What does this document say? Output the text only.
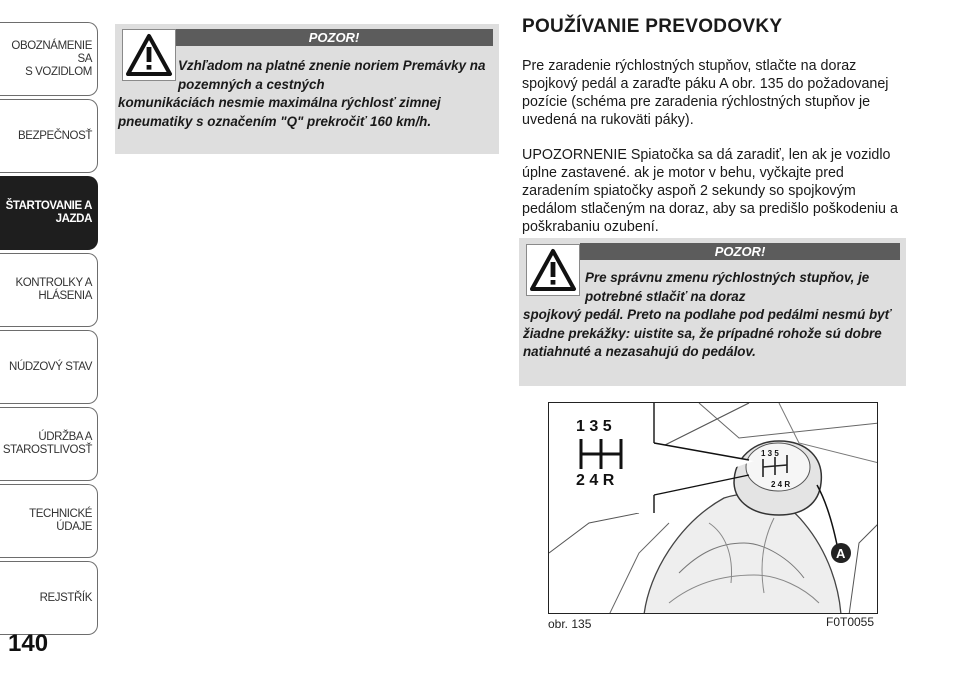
OBOZNÁMENIE SA
S VOZIDLOM
BEZPEČNOSŤ
ŠTARTOVANIE A
JAZDA
KONTROLKY A
HLÁSENIA
NÚDZOVÝ STAV
ÚDRŽBA A
STAROSTLIVOSŤ
TECHNICKÉ ÚDAJE
REJSTŘÍK
140
POZOR!
Vzhľadom na platné znenie noriem Premávky na pozemných a cestných
komunikáciách nesmie maximálna rýchlosť zimnej pneumatiky s označením "Q" prekročiť 160 km/h.
POUŽÍVANIE PREVODOVKY
Pre zaradenie rýchlostných stupňov, stlačte na doraz spojkový pedál a zaraďte páku A obr. 135 do požadovanej pozície (schéma pre zaradenia rýchlostných stupňov je uvedená na rukoväti páky).
UPOZORNENIE Spiatočka sa dá zaradiť, len ak je vozidlo úplne zastavené. ak je motor v behu, vyčkajte pred zaradením spiatočky aspoň 2 sekundy so spojkovým pedálom stlačeným na doraz, aby sa predišlo poškodeniu a poškrabaniu ozubení.
POZOR!
Pre správnu zmenu rýchlostných stupňov, je potrebné stlačiť na doraz
spojkový pedál. Preto na podlahe pod pedálmi nesmú byť žiadne prekážky: uistite sa, že prípadné rohože sú dobre natiahnuté a nezasahujú do pedálov.
1 3 5
2 4 R
1 3 5
2 4 R
A
obr. 135	F0T0055
